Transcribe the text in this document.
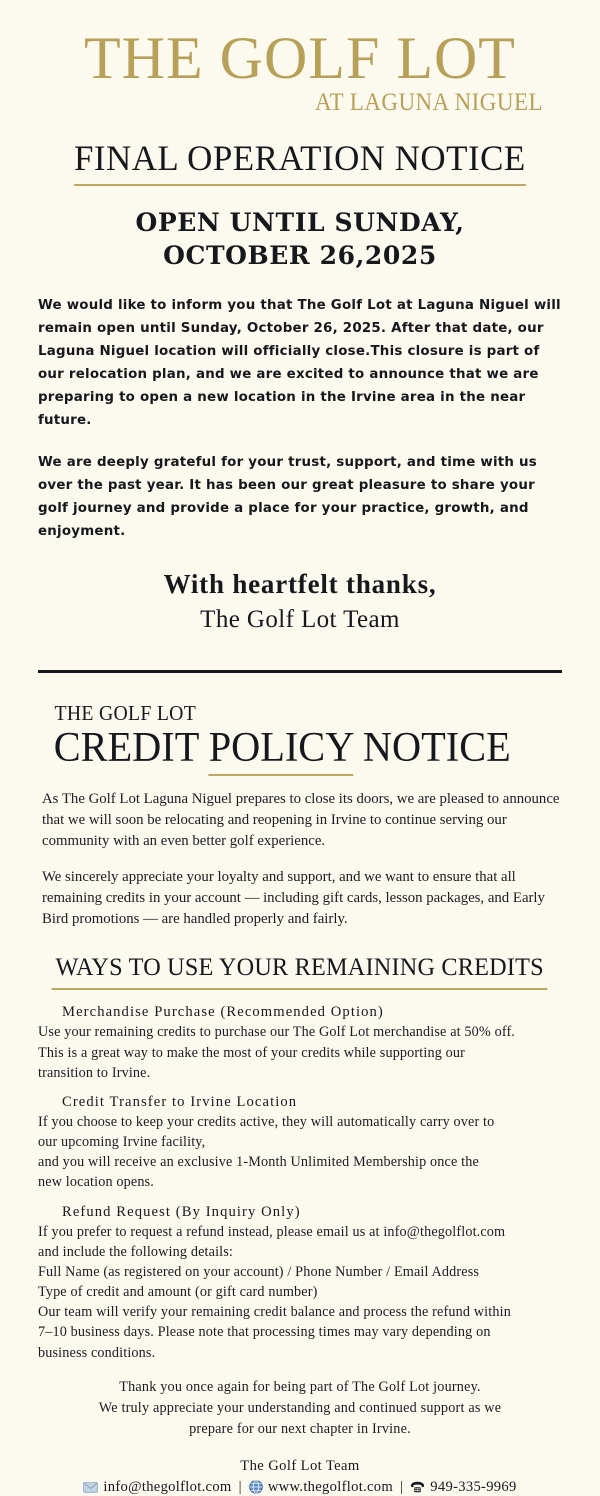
THE GOLF LOT
AT LAGUNA NIGUEL
FINAL OPERATION NOTICE
OPEN UNTIL SUNDAY,
OCTOBER 26,2025

We would like to inform you that The Golf Lot at Laguna Niguel will remain open until Sunday, October 26, 2025. After that date, our Laguna Niguel location will officially close.This closure is part of our relocation plan, and we are excited to announce that we are preparing to open a new location in the Irvine area in the near future.

We are deeply grateful for your trust, support, and time with us over the past year. It has been our great pleasure to share your golf journey and provide a place for your practice, growth, and enjoyment.

With heartfelt thanks,
The Golf Lot Team
THE GOLF LOT
CREDIT POLICY NOTICE

As The Golf Lot Laguna Niguel prepares to close its doors, we are pleased to announce that we will soon be relocating and reopening in Irvine to continue serving our community with an even better golf experience.

We sincerely appreciate your loyalty and support, and we want to ensure that all remaining credits in your account — including gift cards, lesson packages, and Early Bird promotions — are handled properly and fairly.

WAYS TO USE YOUR REMAINING CREDITS
Merchandise Purchase (Recommended Option)
Use your remaining credits to purchase our The Golf Lot merchandise at 50% off.
This is a great way to make the most of your credits while supporting our
transition to Irvine.
Credit Transfer to Irvine Location
If you choose to keep your credits active, they will automatically carry over to
our upcoming Irvine facility,
and you will receive an exclusive 1-Month Unlimited Membership once the
new location opens.
Refund Request (By Inquiry Only)
If you prefer to request a refund instead, please email us at info@thegolflot.com
and include the following details:
Full Name (as registered on your account) / Phone Number / Email Address
Type of credit and amount (or gift card number)
Our team will verify your remaining credit balance and process the refund within
7–10 business days. Please note that processing times may vary depending on
business conditions.
Thank you once again for being part of The Golf Lot journey.
We truly appreciate your understanding and continued support as we
prepare for our next chapter in Irvine.
The Golf Lot Team
info@thegolflot.com | www.thegolflot.com | 949-335-9969
